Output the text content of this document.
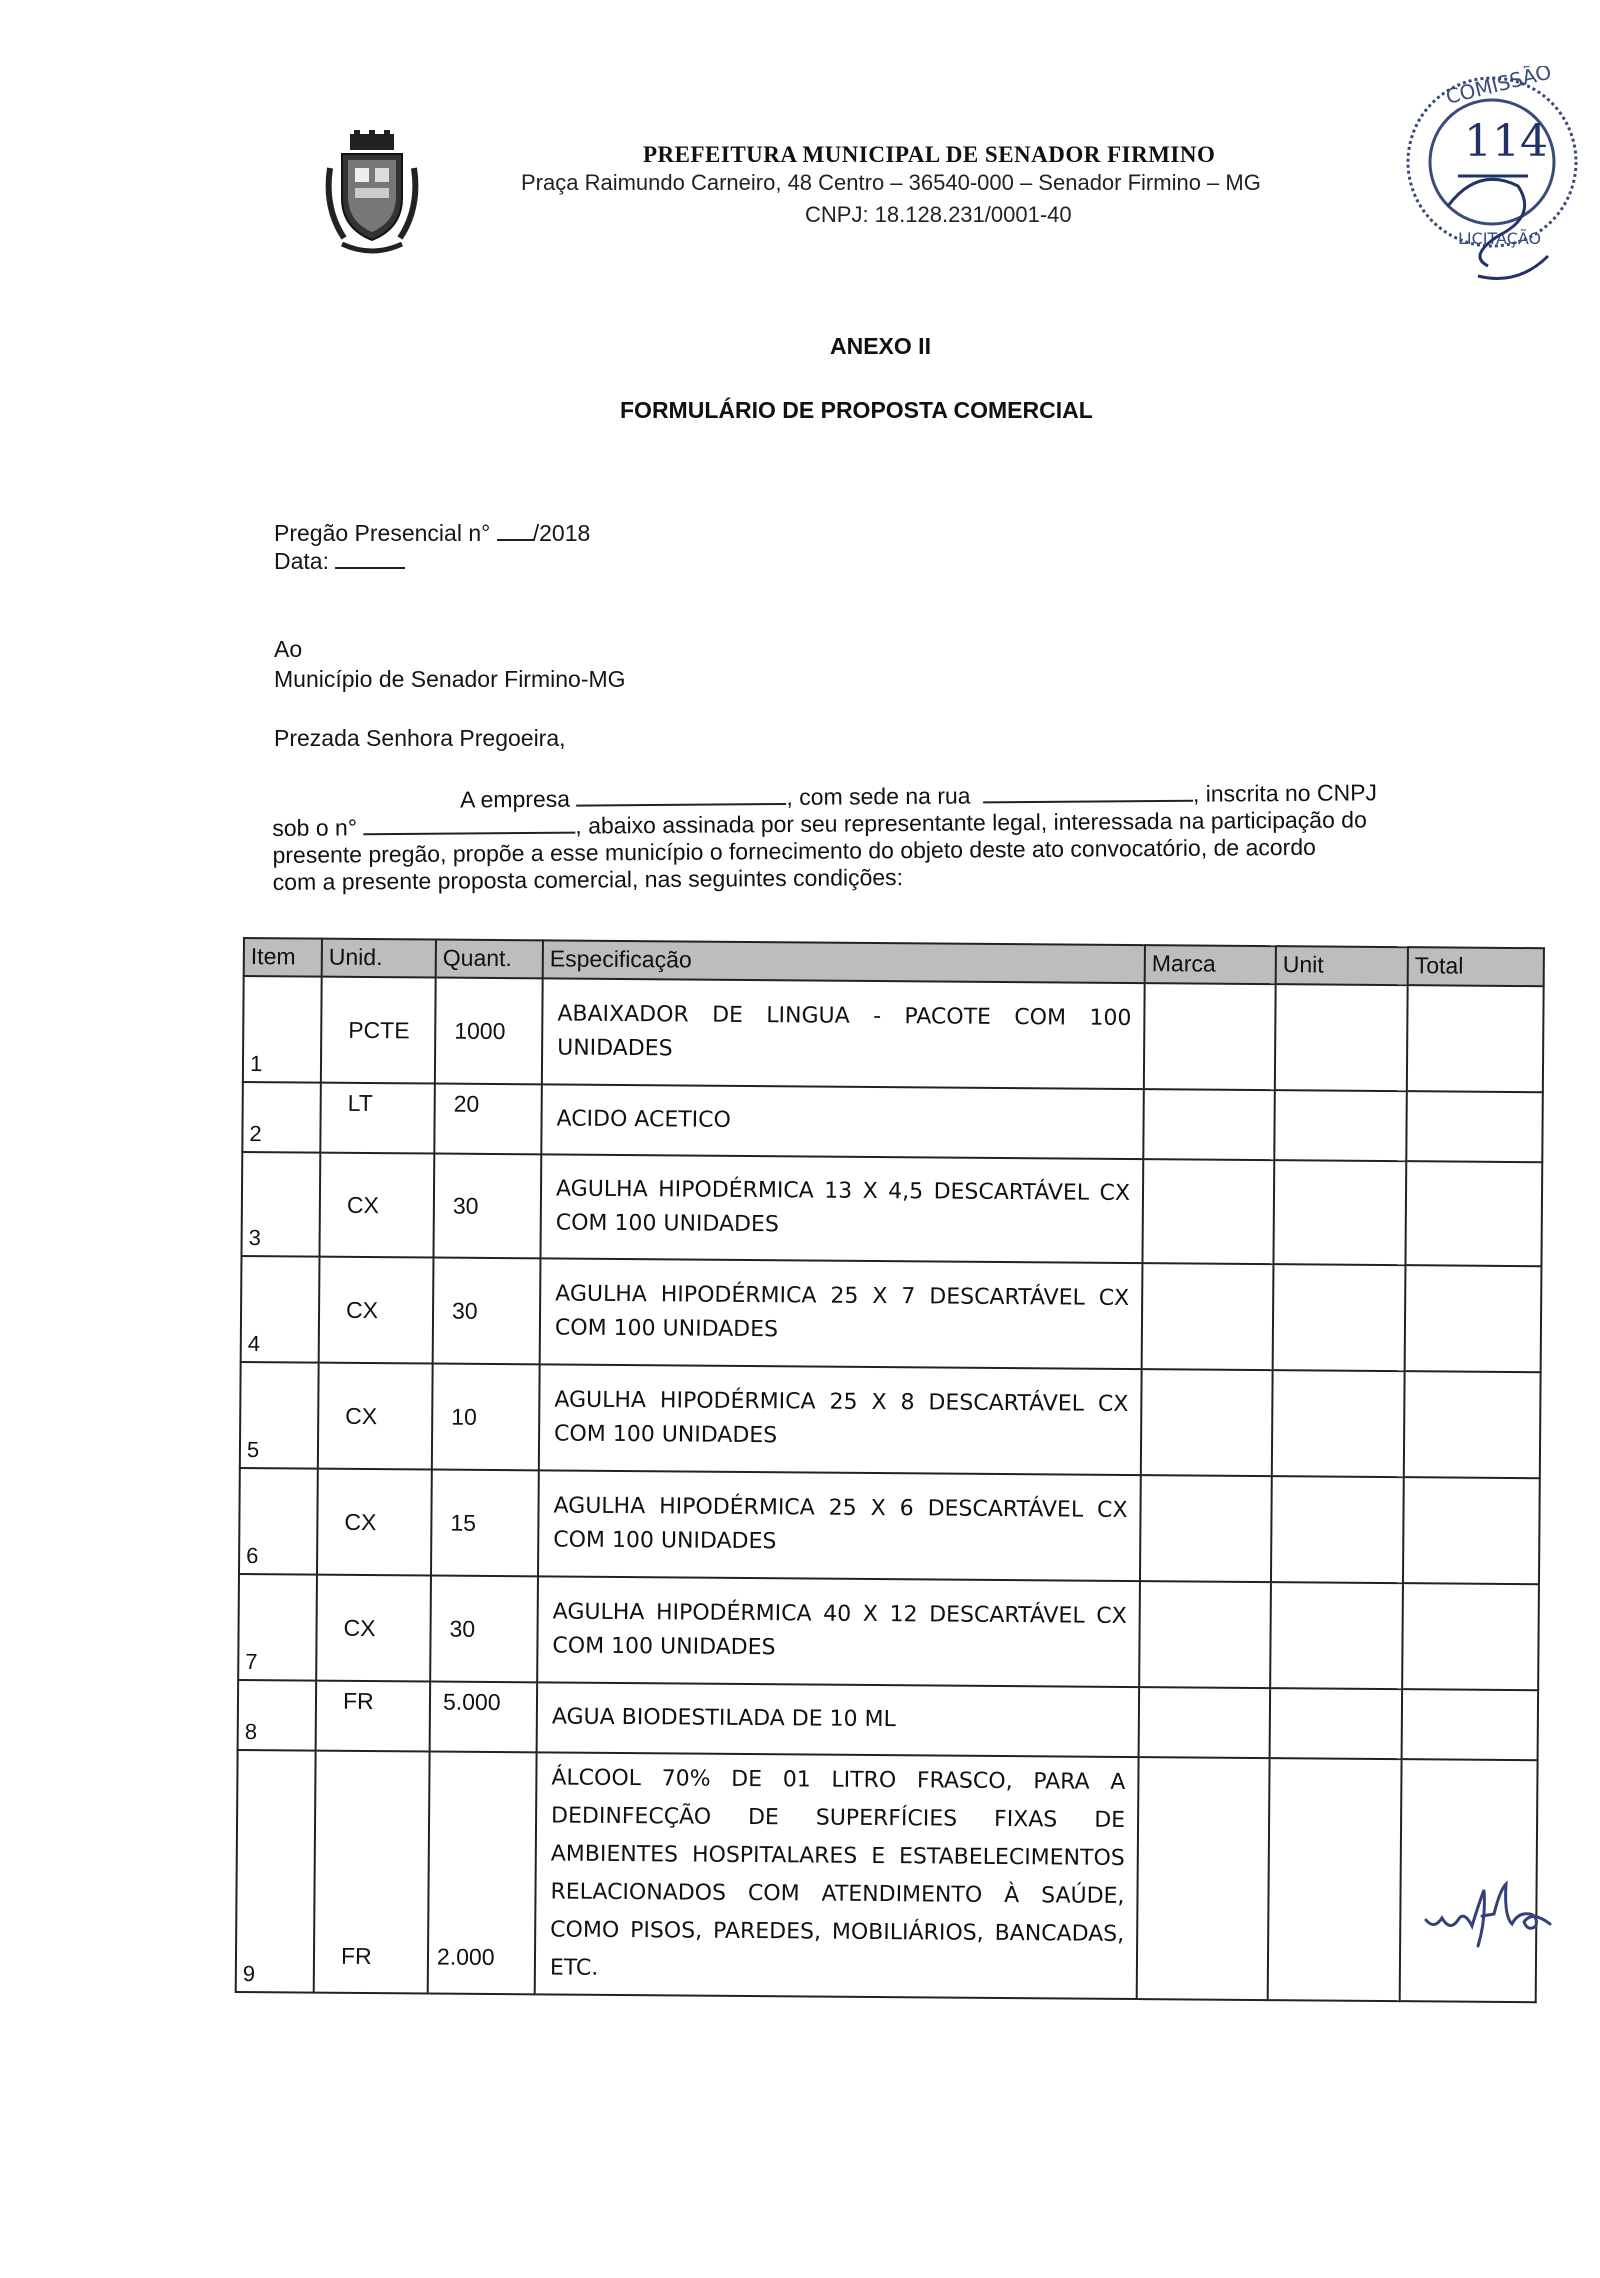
PREFEITURA MUNICIPAL DE SENADOR FIRMINO
Praça Raimundo Carneiro, 48 Centro – 36540-000 – Senador Firmino – MG
CNPJ: 18.128.231/0001-40
COMISSÃO
LICITAÇÃO
114
ANEXO II
FORMULÁRIO DE PROPOSTA COMERCIAL
Pregão Presencial n° /2018
Data:
Ao
Município de Senador Firmino-MG
Prezada Senhora Pregoeira,
A empresa	, com sede na rua	, inscrita no CNPJ
sob o n°	, abaixo assinada por seu representante legal, interessada na participação do
presente pregão, propõe a esse município o fornecimento do objeto deste ato convocatório, de acordo
com a presente proposta comercial, nas seguintes condições:
Item	Unid.	Quant.	Especificação	Marca	Unit	Total
1	PCTE	1000	ABAIXADOR DE LINGUA - PACOTE COM 100 UNIDADES			
2	LT	20	ACIDO ACETICO			
3	CX	30	AGULHA HIPODÉRMICA 13 X 4,5 DESCARTÁVEL CX COM 100 UNIDADES			
4	CX	30	AGULHA HIPODÉRMICA 25 X 7 DESCARTÁVEL CX COM 100 UNIDADES			
5	CX	10	AGULHA HIPODÉRMICA 25 X 8 DESCARTÁVEL CX COM 100 UNIDADES			
6	CX	15	AGULHA HIPODÉRMICA 25 X 6 DESCARTÁVEL CX COM 100 UNIDADES			
7	CX	30	AGULHA HIPODÉRMICA 40 X 12 DESCARTÁVEL CX COM 100 UNIDADES			
8	FR	5.000	AGUA BIODESTILADA DE 10 ML			
9	FR	2.000	ÁLCOOL 70% DE 01 LITRO FRASCO, PARA A DEDINFECÇÃO DE SUPERFÍCIES FIXAS DE AMBIENTES HOSPITALARES E ESTABELECIMENTOS RELACIONADOS COM ATENDIMENTO À SAÚDE, COMO PISOS, PAREDES, MOBILIÁRIOS, BANCADAS, ETC.			
